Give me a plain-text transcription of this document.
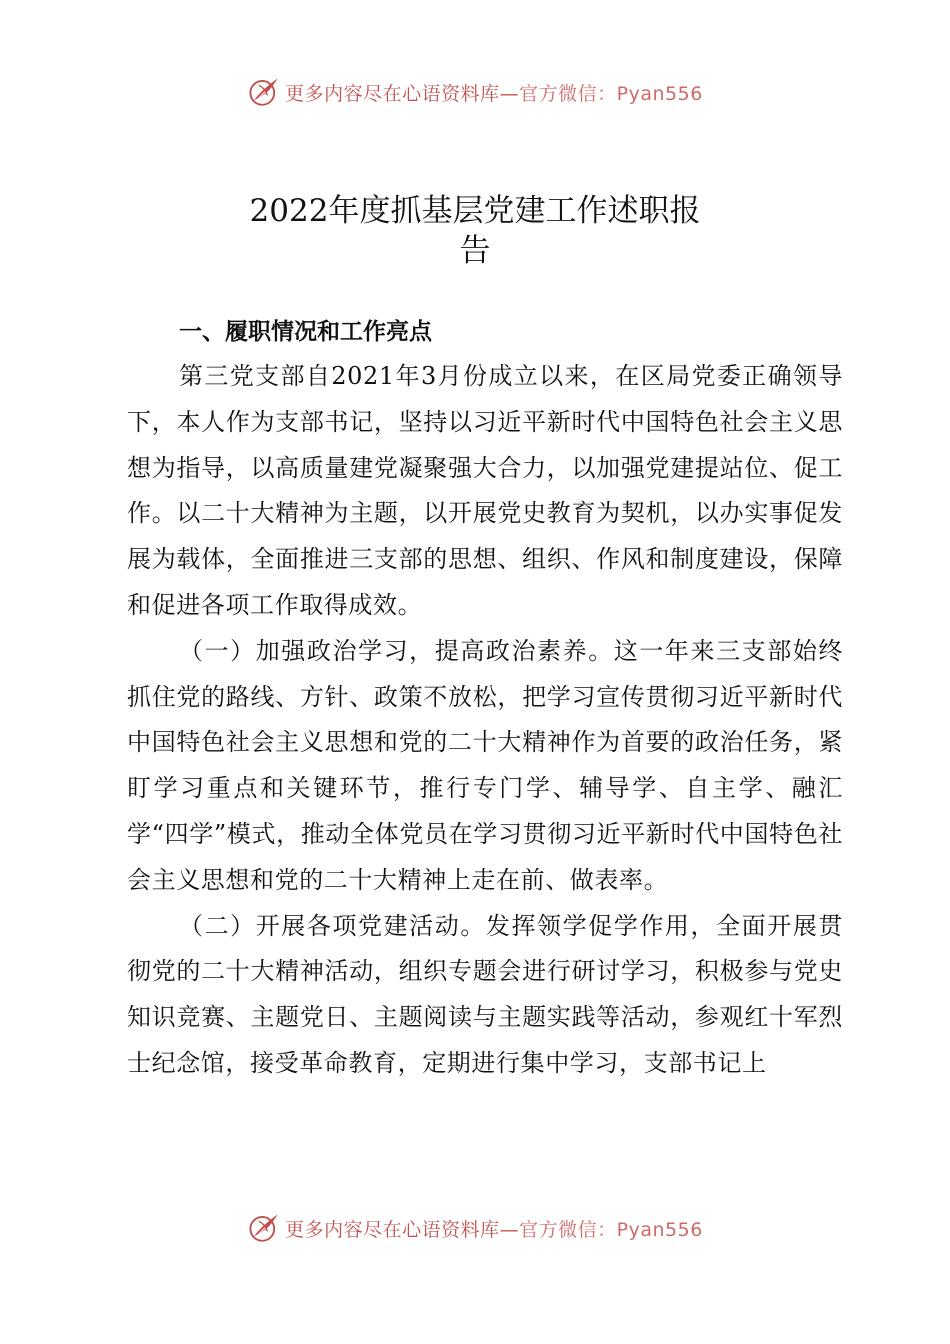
更多内容尽在心语资料库—官方微信：Pyan556
2022年度抓基层党建工作述职报
告
一、履职情况和工作亮点

第三党支部自2021年3月份成立以来，在区局党委正确领导下，本人作为支部书记，坚持以习近平新时代中国特色社会主义思想为指导，以高质量建党凝聚强大合力，以加强党建提站位、促工作。以二十大精神为主题，以开展党史教育为契机，以办实事促发展为载体，全面推进三支部的思想、组织、作风和制度建设，保障和促进各项工作取得成效。

（一）加强政治学习，提高政治素养。这一年来三支部始终抓住党的路线、方针、政策不放松，把学习宣传贯彻习近平新时代中国特色社会主义思想和党的二十大精神作为首要的政治任务，紧盯学习重点和关键环节，推行专门学、辅导学、自主学、融汇学“四学”模式，推动全体党员在学习贯彻习近平新时代中国特色社会主义思想和党的二十大精神上走在前、做表率。

（二）开展各项党建活动。发挥领学促学作用，全面开展贯彻党的二十大精神活动，组织专题会进行研讨学习，积极参与党史知识竞赛、主题党日、主题阅读与主题实践等活动，参观红十军烈士纪念馆，接受革命教育，定期进行集中学习，支部书记上

更多内容尽在心语资料库—官方微信：Pyan556
